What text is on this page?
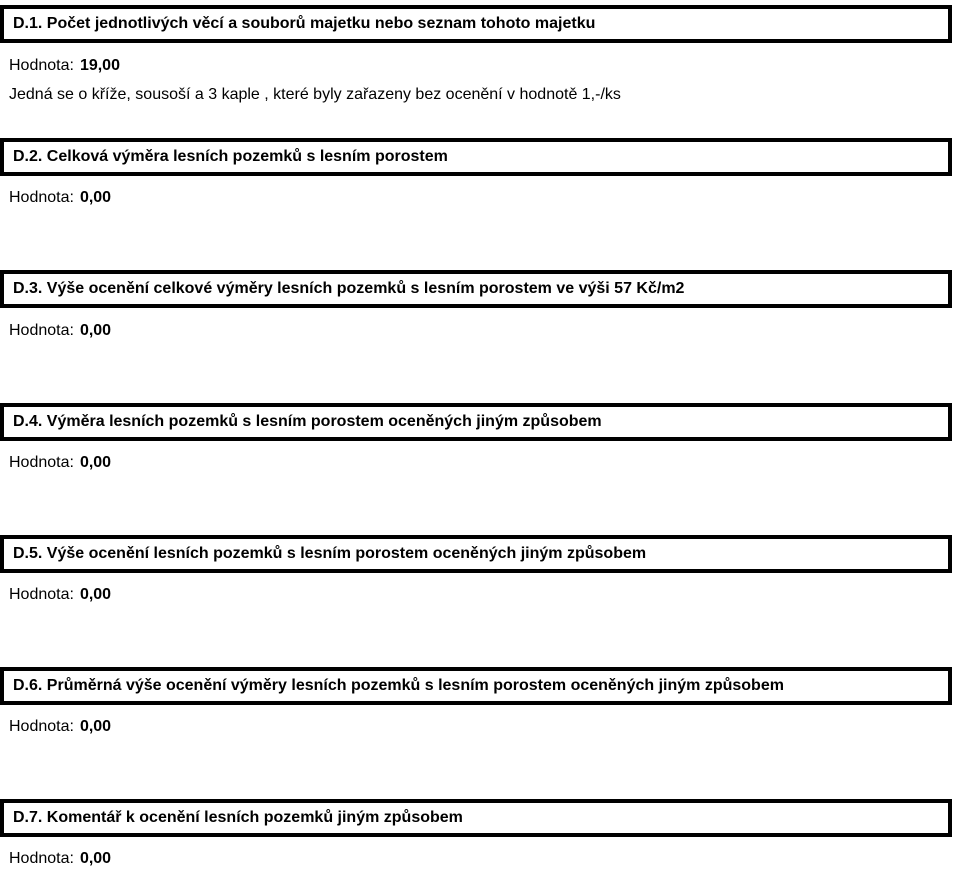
D.1.
Počet jednotlivých věcí a souborů majetku nebo seznam tohoto majetku
Hodnota: 19,00
Jedná se o kříže, sousoší a 3 kaple , které byly zařazeny bez ocenění v hodnotě 1,-/ks
D.2.
Celková výměra lesních pozemků s lesním porostem
Hodnota: 0,00
D.3.
Výše ocenění celkové výměry lesních pozemků s lesním porostem ve výši 57 Kč/m2
Hodnota: 0,00
D.4.
Výměra lesních pozemků s lesním porostem oceněných jiným způsobem
Hodnota: 0,00
D.5.
Výše ocenění lesních pozemků s lesním porostem oceněných jiným způsobem
Hodnota: 0,00
D.6.
Průměrná výše ocenění výměry lesních pozemků s lesním porostem oceněných jiným způsobem
Hodnota: 0,00
D.7.
Komentář k ocenění lesních pozemků jiným způsobem
Hodnota: 0,00
